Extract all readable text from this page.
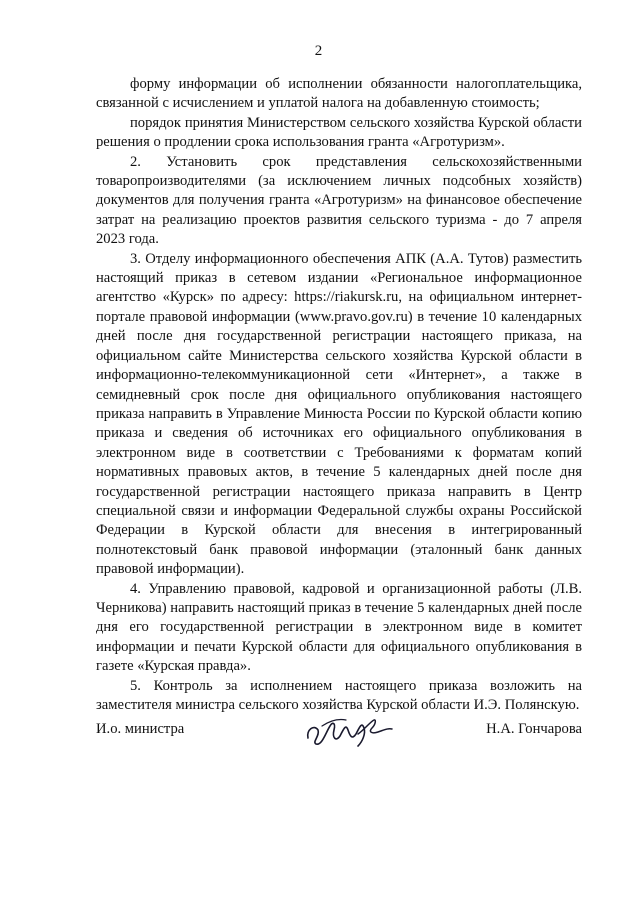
2

форму информации об исполнении обязанности налогоплательщика, связанной с исчислением и уплатой налога на добавленную стоимость;

порядок принятия Министерством сельского хозяйства Курской области решения о продлении срока использования гранта «Агротуризм».

2. Установить срок представления сельскохозяйственными товаропроизводителями (за исключением личных подсобных хозяйств) документов для получения гранта «Агротуризм» на финансовое обеспечение затрат на реализацию проектов развития сельского туризма - до 7 апреля 2023 года.

3. Отделу информационного обеспечения АПК (А.А. Тутов) разместить настоящий приказ в сетевом издании «Региональное информационное агентство «Курск» по адресу: https://riakursk.ru, на официальном интернет-портале правовой информации (www.pravo.gov.ru) в течение 10 календарных дней после дня государственной регистрации настоящего приказа, на официальном сайте Министерства сельского хозяйства Курской области в информационно-телекоммуникационной сети «Интернет», а также в семидневный срок после дня официального опубликования настоящего приказа направить в Управление Минюста России по Курской области копию приказа и сведения об источниках его официального опубликования в электронном виде в соответствии с Требованиями к форматам копий нормативных правовых актов, в течение 5 календарных дней после дня государственной регистрации настоящего приказа направить в Центр специальной связи и информации Федеральной службы охраны Российской Федерации в Курской области для внесения в интегрированный полнотекстовый банк правовой информации (эталонный банк данных правовой информации).

4. Управлению правовой, кадровой и организационной работы (Л.В. Черникова) направить настоящий приказ в течение 5 календарных дней после дня его государственной регистрации в электронном виде в комитет информации и печати Курской области для официального опубликования в газете «Курская правда».

5. Контроль за исполнением настоящего приказа возложить на заместителя министра сельского хозяйства Курской области И.Э. Полянскую.

И.о. министра	Н.А. Гончарова
